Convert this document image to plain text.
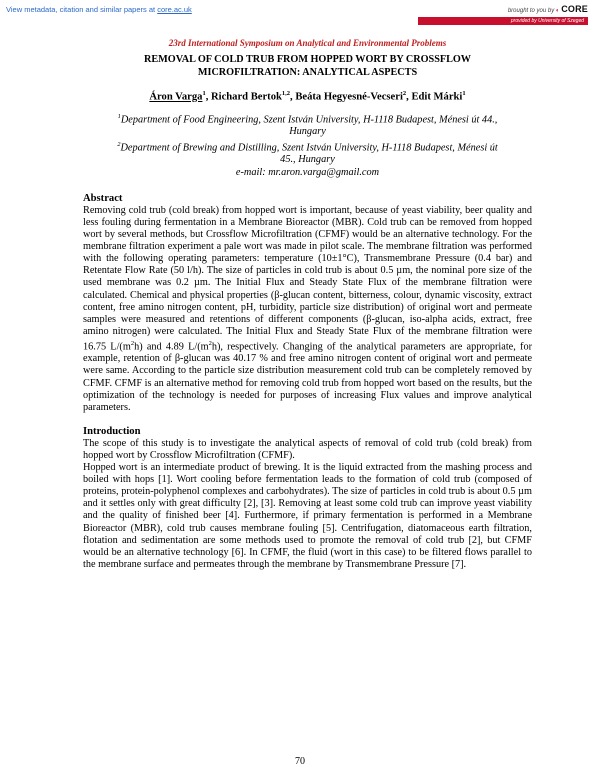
View metadata, citation and similar papers at core.ac.uk	brought to you by ◐ CORE
provided by University of Szeged
23rd International Symposium on Analytical and Environmental Problems
REMOVAL OF COLD TRUB FROM HOPPED WORT BY CROSSFLOW
MICROFILTRATION: ANALYTICAL ASPECTS
Áron Varga$^1$, Richard Bertok$^{1,2}$, Beáta Hegyesné-Vecseri$^2$, Edit Márki$^1$
$^1$Department of Food Engineering, Szent István University, H-1118 Budapest, Ménesi út 44.,
Hungary
$^2$Department of Brewing and Distilling, Szent István University, H-1118 Budapest, Ménesi út
45., Hungary
e-mail: mr.aron.varga@gmail.com
Abstract

Removing cold trub (cold break) from hopped wort is important, because of yeast viability, beer quality and less fouling during fermentation in a Membrane Bioreactor (MBR). Cold trub can be removed from hopped wort by several methods, but Crossflow Microfiltration (CFMF) would be an alternative technology. For the membrane filtration experiment a pale wort was made in pilot scale. The membrane filtration was performed with the following operating parameters: temperature (10±1°C), Transmembrane Pressure (0.4 bar) and Retentate Flow Rate (50 l/h). The size of particles in cold trub is about 0.5 µm, the nominal pore size of the used membrane was 0.2 µm. The Initial Flux and Steady State Flux of the membrane filtration were calculated. Chemical and physical properties (β-glucan content, bitterness, colour, dynamic viscosity, extract content, free amino nitrogen content, pH, turbidity, particle size distribution) of original wort and permeate samples were measured and retentions of different components (β-glucan, iso-alpha acids, extract, free amino nitrogen) were calculated. The Initial Flux and Steady State Flux of the membrane filtration were 16.75 $L/(m^2h)$ and 4.89 $L/(m^2h)$, respectively. Changing of the analytical parameters are appropriate, for example, retention of β-glucan was 40.17 % and free amino nitrogen content of original wort and permeate were same. According to the particle size distribution measurement cold trub can be completely removed by CFMF. CFMF is an alternative method for removing cold trub from hopped wort based on the results, but the optimization of the technology is needed for purposes of increasing Flux values and improve analytical parameters.

Introduction

The scope of this study is to investigate the analytical aspects of removal of cold trub (cold break) from hopped wort by Crossflow Microfiltration (CFMF).

Hopped wort is an intermediate product of brewing. It is the liquid extracted from the mashing process and boiled with hops [1]. Wort cooling before fermentation leads to the formation of cold trub (composed of proteins, protein-polyphenol complexes and carbohydrates). The size of particles in cold trub is about 0.5 µm and it settles only with great difficulty [2], [3]. Removing at least some cold trub can improve yeast viability and the quality of finished beer [4]. Furthermore, if primary fermentation is performed in a Membrane Bioreactor (MBR), cold trub causes membrane fouling [5]. Centrifugation, diatomaceous earth filtration, flotation and sedimentation are some methods used to promote the removal of cold trub [2], but CFMF would be an alternative technology [6]. In CFMF, the fluid (wort in this case) to be filtered flows parallel to the membrane surface and permeates through the membrane by Transmembrane Pressure [7].

70
